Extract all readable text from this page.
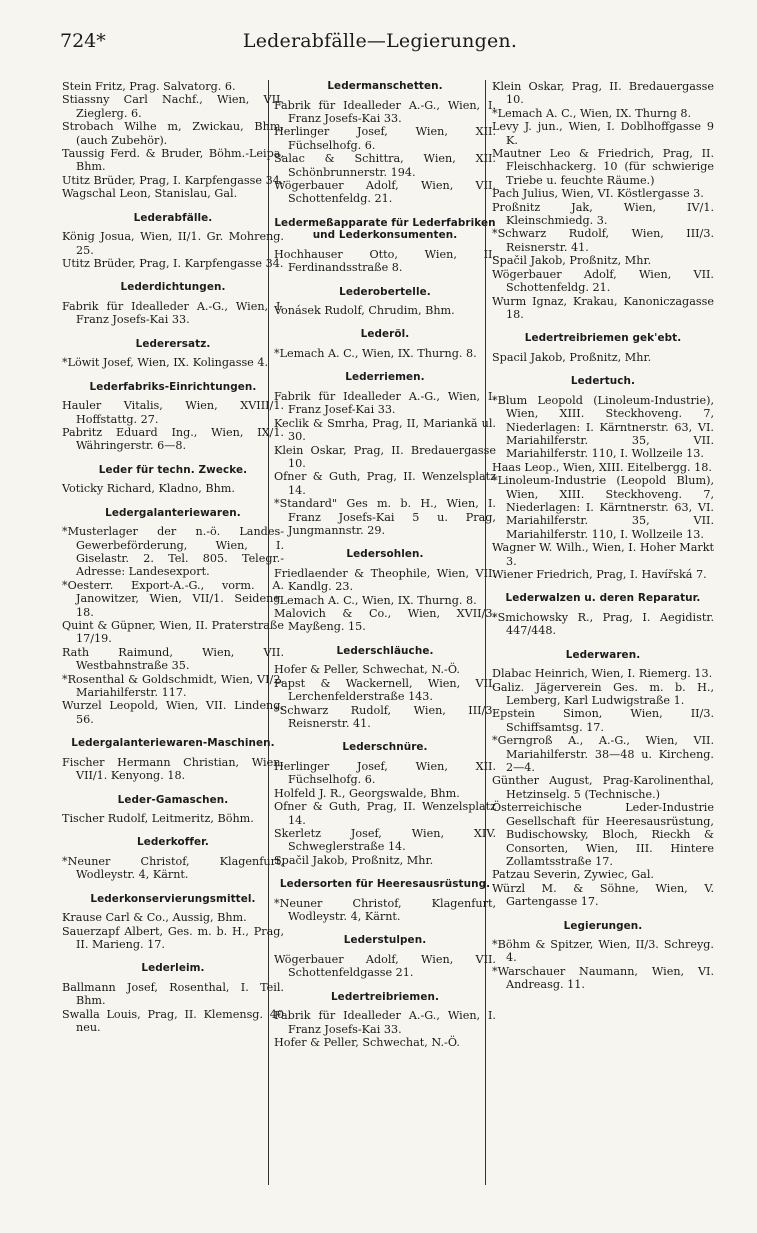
724*	Lederabfälle—Legierungen.
Stein Fritz, Prag. Salvatorg. 6.
Stiassny Carl Nachf., Wien, VII. Zieglerg. 6.
Strobach Wilhe m, Zwickau, Bhm. (auch Zubehör).
Taussig Ferd. & Bruder, Böhm.-Leipa, Bhm.
Utitz Brüder, Prag, I. Karpfengasse 34.
Wagschal Leon, Stanislau, Gal.
Lederabfälle.
König Josua, Wien, II/1. Gr. Mohreng. 25.
Utitz Brüder, Prag, I. Karpfengasse 34.
Lederdichtungen.
Fabrik für Idealleder A.-G., Wien, I. Franz Josefs-Kai 33.
Lederersatz.
*Löwit Josef, Wien, IX. Kolingasse 4.
Lederfabriks-Einrichtungen.
Hauler Vitalis, Wien, XVIII/1. Hoffstattg. 27.
Pabritz Eduard Ing., Wien, IX/1. Währingerstr. 6—8.
Leder für techn. Zwecke.
Voticky Richard, Kladno, Bhm.
Ledergalanteriewaren.
*Musterlager der n.-ö. Landes-Gewerbeförderung, Wien, I. Giselastr. 2. Tel. 805. Telegr.-Adresse: Landesexport.
*Oesterr. Export-A.-G., vorm. A. Janowitzer, Wien, VII/1. Seideng. 18.
Quint & Güpner, Wien, II. Praterstraße 17/19.
Rath Raimund, Wien, VII. Westbahnstraße 35.
*Rosenthal & Goldschmidt, Wien, VI/2. Mariahilferstr. 117.
Wurzel Leopold, Wien, VII. Lindeng. 56.
Ledergalanteriewaren-Maschinen.
Fischer Hermann Christian, Wien, VII/1. Kenyong. 18.
Leder-Gamaschen.
Tischer Rudolf, Leitmeritz, Böhm.
Lederkoffer.
*Neuner Christof, Klagenfurt, Wodleystr. 4, Kärnt.
Lederkonservierungsmittel.
Krause Carl & Co., Aussig, Bhm.
Sauerzapf Albert, Ges. m. b. H., Prag, II. Marieng. 17.
Lederleim.
Ballmann Josef, Rosenthal, I. Teil. Bhm.
Swalla Louis, Prag, II. Klemensg. 40 neu.
Ledermanschetten.
Fabrik für Idealleder A.-G., Wien, I. Franz Josefs-Kai 33.
Herlinger Josef, Wien, XII. Füchselhofg. 6.
Salac & Schittra, Wien, XII. Schönbrunnerstr. 194.
Wögerbauer Adolf, Wien, VII. Schottenfeldg. 21.
Ledermeßapparate für Lederfabriken und Lederkonsumenten.
Hochhauser Otto, Wien, II. Ferdinandsstraße 8.
Lederobertelle.
Vonásek Rudolf, Chrudim, Bhm.
Lederöl.
*Lemach A. C., Wien, IX. Thurng. 8.
Lederriemen.
Fabrik für Idealleder A.-G., Wien, I. Franz Josef-Kai 33.
Keclik & Smrha, Prag, II, Mariankă ul. 30.
Klein Oskar, Prag, II. Bredauergasse 10.
Ofner & Guth, Prag, II. Wenzelsplatz 14.
*Standard" Ges m. b. H., Wien, I. Franz Josefs-Kai 5 u. Prag, Jungmannstr. 29.
Ledersohlen.
Friedlaender & Theophile, Wien, VII. Kandlg. 23.
*Lemach A. C., Wien, IX. Thurng. 8.
Malovich & Co., Wien, XVII/3. Mayßeng. 15.
Lederschläuche.
Hofer & Peller, Schwechat, N.-Ö.
Papst & Wackernell, Wien, VII. Lerchenfelderstraße 143.
*Schwarz Rudolf, Wien, III/3. Reisnerstr. 41.
Lederschnüre.
Herlinger Josef, Wien, XII. Füchselhofg. 6.
Holfeld J. R., Georgswalde, Bhm.
Ofner & Guth, Prag, II. Wenzelsplatz 14.
Skerletz Josef, Wien, XIV. Schweglerstraße 14.
Spačil Jakob, Proßnitz, Mhr.
Ledersorten für Heeresausrüstung.
*Neuner Christof, Klagenfurt, Wodleystr. 4, Kärnt.
Lederstulpen.
Wögerbauer Adolf, Wien, VII. Schottenfeldgasse 21.
Ledertreibriemen.
Fabrik für Idealleder A.-G., Wien, I. Franz Josefs-Kai 33.
Hofer & Peller, Schwechat, N.-Ö.
Klein Oskar, Prag, II. Bredauergasse 10.
*Lemach A. C., Wien, IX. Thurng 8.
Levy J. jun., Wien, I. Doblhoffgasse 9 K.
Mautner Leo & Friedrich, Prag, II. Fleischhackerg. 10 (für schwierige Triebe u. feuchte Räume.)
Pach Julius, Wien, VI. Köstlergasse 3.
Proßnitz Jak, Wien, IV/1. Kleinschmiedg. 3.
*Schwarz Rudolf, Wien, III/3. Reisnerstr. 41.
Spačil Jakob, Proßnitz, Mhr.
Wögerbauer Adolf, Wien, VII. Schottenfeldg. 21.
Wurm Ignaz, Krakau, Kanoniczagasse 18.
Ledertreibriemen gek'ebt.
Spacil Jakob, Proßnitz, Mhr.
Ledertuch.
*Blum Leopold (Linoleum-Industrie), Wien, XIII. Steckhoveng. 7, Niederlagen: I. Kärntnerstr. 63, VI. Mariahilferstr. 35, VII. Mariahilferstr. 110, I. Wollzeile 13.
Haas Leop., Wien, XIII. Eitelbergg. 18.
*Linoleum-Industrie (Leopold Blum), Wien, XIII. Steckhoveng. 7, Niederlagen: I. Kärntnerstr. 63, VI. Mariahilferstr. 35, VII. Mariahilferstr. 110, I. Wollzeile 13.
Wagner W. Wilh., Wien, I. Hoher Markt 3.
Wiener Friedrich, Prag, I. Havířská 7.
Lederwalzen u. deren Reparatur.
*Smichowsky R., Prag, I. Aegidistr. 447/448.
Lederwaren.
Dlabac Heinrich, Wien, I. Riemerg. 13.
Galiz. Jägerverein Ges. m. b. H., Lemberg, Karl Ludwigstraße 1.
Epstein Simon, Wien, II/3. Schiffsamtsg. 17.
*Gerngroß A., A.-G., Wien, VII. Mariahilferstr. 38—48 u. Kircheng. 2—4.
Günther August, Prag-Karolinenthal, Hetzinselg. 5 (Technische.)
Österreichische Leder-Industrie Gesellschaft für Heeresausrüstung, Budischowsky, Bloch, Rieckh & Consorten, Wien, III. Hintere Zollamtsstraße 17.
Patzau Severin, Zywiec, Gal.
Würzl M. & Söhne, Wien, V. Gartengasse 17.
Legierungen.
*Böhm & Spitzer, Wien, II/3. Schreyg. 4.
*Warschauer Naumann, Wien, VI. Andreasg. 11.
